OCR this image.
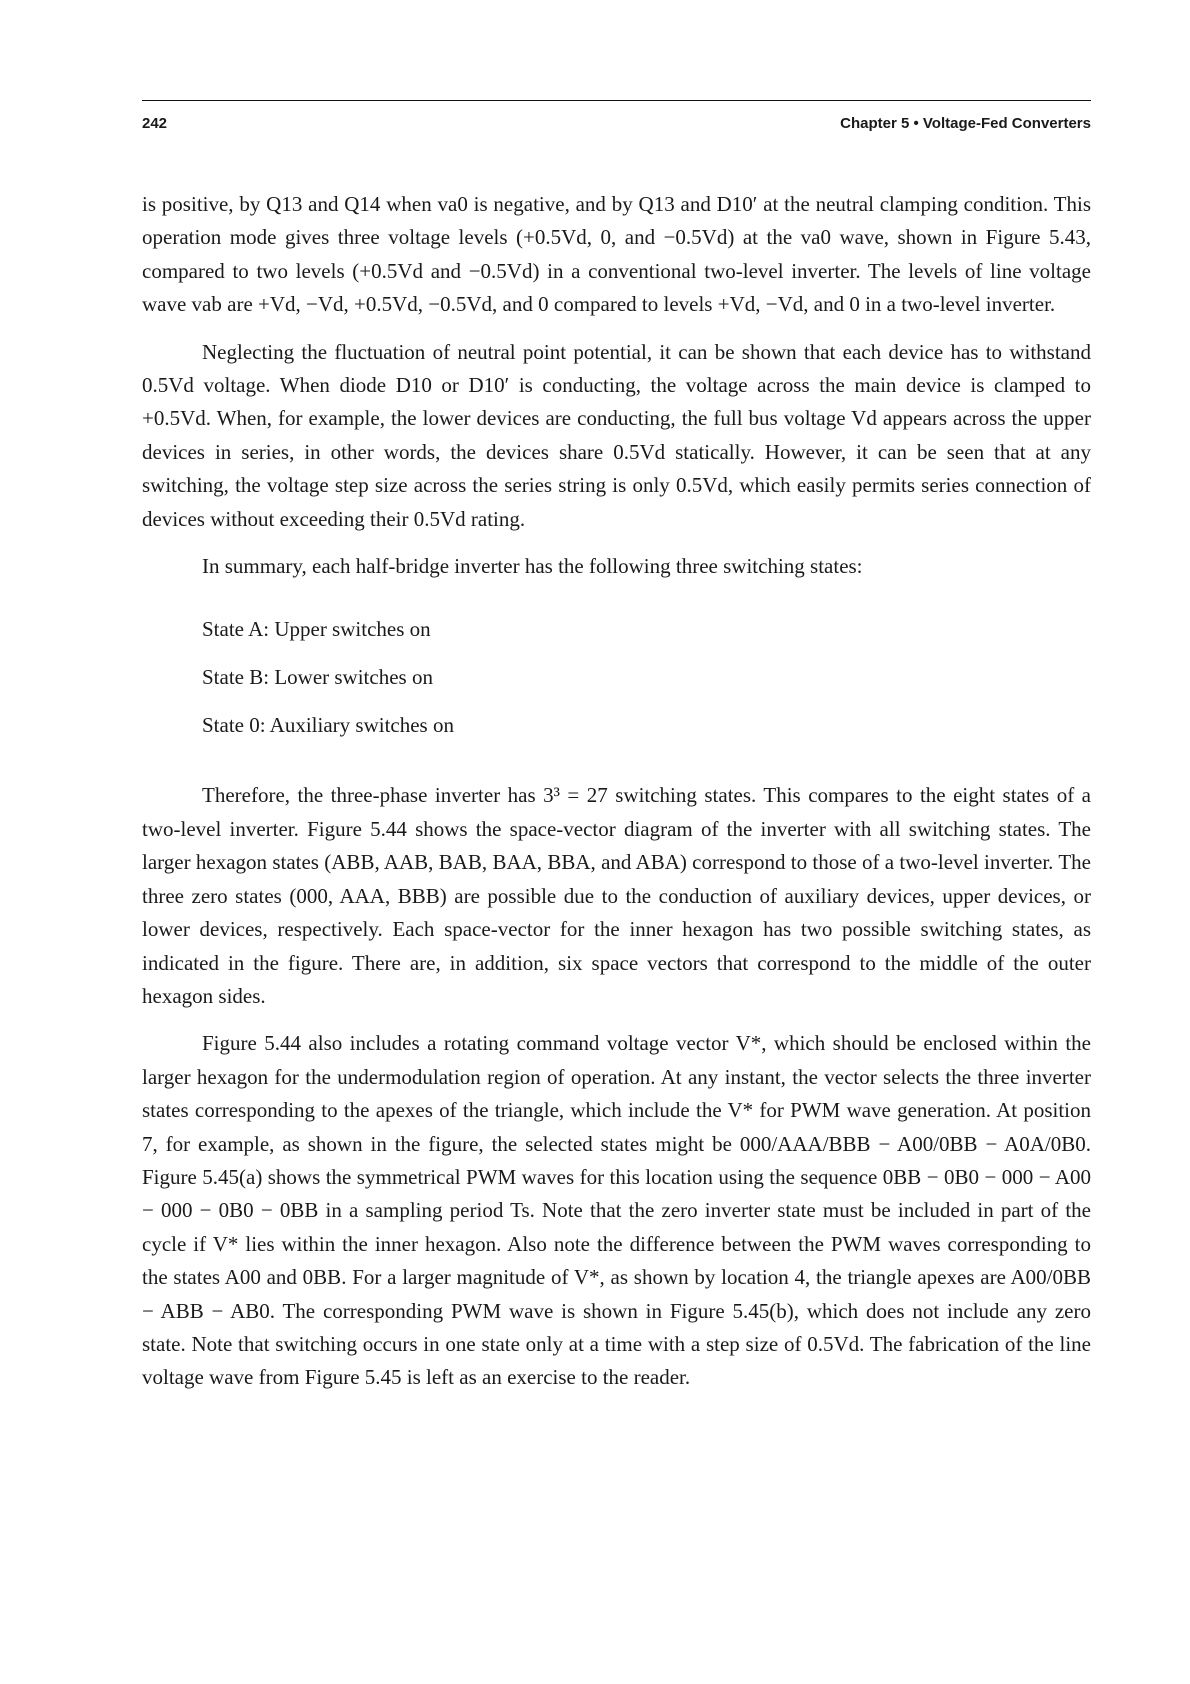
242	Chapter 5 • Voltage-Fed Converters

is positive, by Q13 and Q14 when va0 is negative, and by Q13 and D10′ at the neutral clamping condition. This operation mode gives three voltage levels (+0.5Vd, 0, and −0.5Vd) at the va0 wave, shown in Figure 5.43, compared to two levels (+0.5Vd and −0.5Vd) in a conventional two-level inverter. The levels of line voltage wave vab are +Vd, −Vd, +0.5Vd, −0.5Vd, and 0 compared to levels +Vd, −Vd, and 0 in a two-level inverter.

Neglecting the fluctuation of neutral point potential, it can be shown that each device has to withstand 0.5Vd voltage. When diode D10 or D10′ is conducting, the voltage across the main device is clamped to +0.5Vd. When, for example, the lower devices are conducting, the full bus voltage Vd appears across the upper devices in series, in other words, the devices share 0.5Vd statically. However, it can be seen that at any switching, the voltage step size across the series string is only 0.5Vd, which easily permits series connection of devices without exceeding their 0.5Vd rating.

In summary, each half-bridge inverter has the following three switching states:

State A: Upper switches on
State B: Lower switches on
State 0: Auxiliary switches on

Therefore, the three-phase inverter has 3³ = 27 switching states. This compares to the eight states of a two-level inverter. Figure 5.44 shows the space-vector diagram of the inverter with all switching states. The larger hexagon states (ABB, AAB, BAB, BAA, BBA, and ABA) correspond to those of a two-level inverter. The three zero states (000, AAA, BBB) are possible due to the conduction of auxiliary devices, upper devices, or lower devices, respectively. Each space-vector for the inner hexagon has two possible switching states, as indicated in the figure. There are, in addition, six space vectors that correspond to the middle of the outer hexagon sides.

Figure 5.44 also includes a rotating command voltage vector V*, which should be enclosed within the larger hexagon for the undermodulation region of operation. At any instant, the vector selects the three inverter states corresponding to the apexes of the triangle, which include the V* for PWM wave generation. At position 7, for example, as shown in the figure, the selected states might be 000/AAA/BBB − A00/0BB − A0A/0B0. Figure 5.45(a) shows the symmetrical PWM waves for this location using the sequence 0BB − 0B0 − 000 − A00 − 000 − 0B0 − 0BB in a sampling period Ts. Note that the zero inverter state must be included in part of the cycle if V* lies within the inner hexagon. Also note the difference between the PWM waves corresponding to the states A00 and 0BB. For a larger magnitude of V*, as shown by location 4, the triangle apexes are A00/0BB − ABB − AB0. The corresponding PWM wave is shown in Figure 5.45(b), which does not include any zero state. Note that switching occurs in one state only at a time with a step size of 0.5Vd. The fabrication of the line voltage wave from Figure 5.45 is left as an exercise to the reader.
